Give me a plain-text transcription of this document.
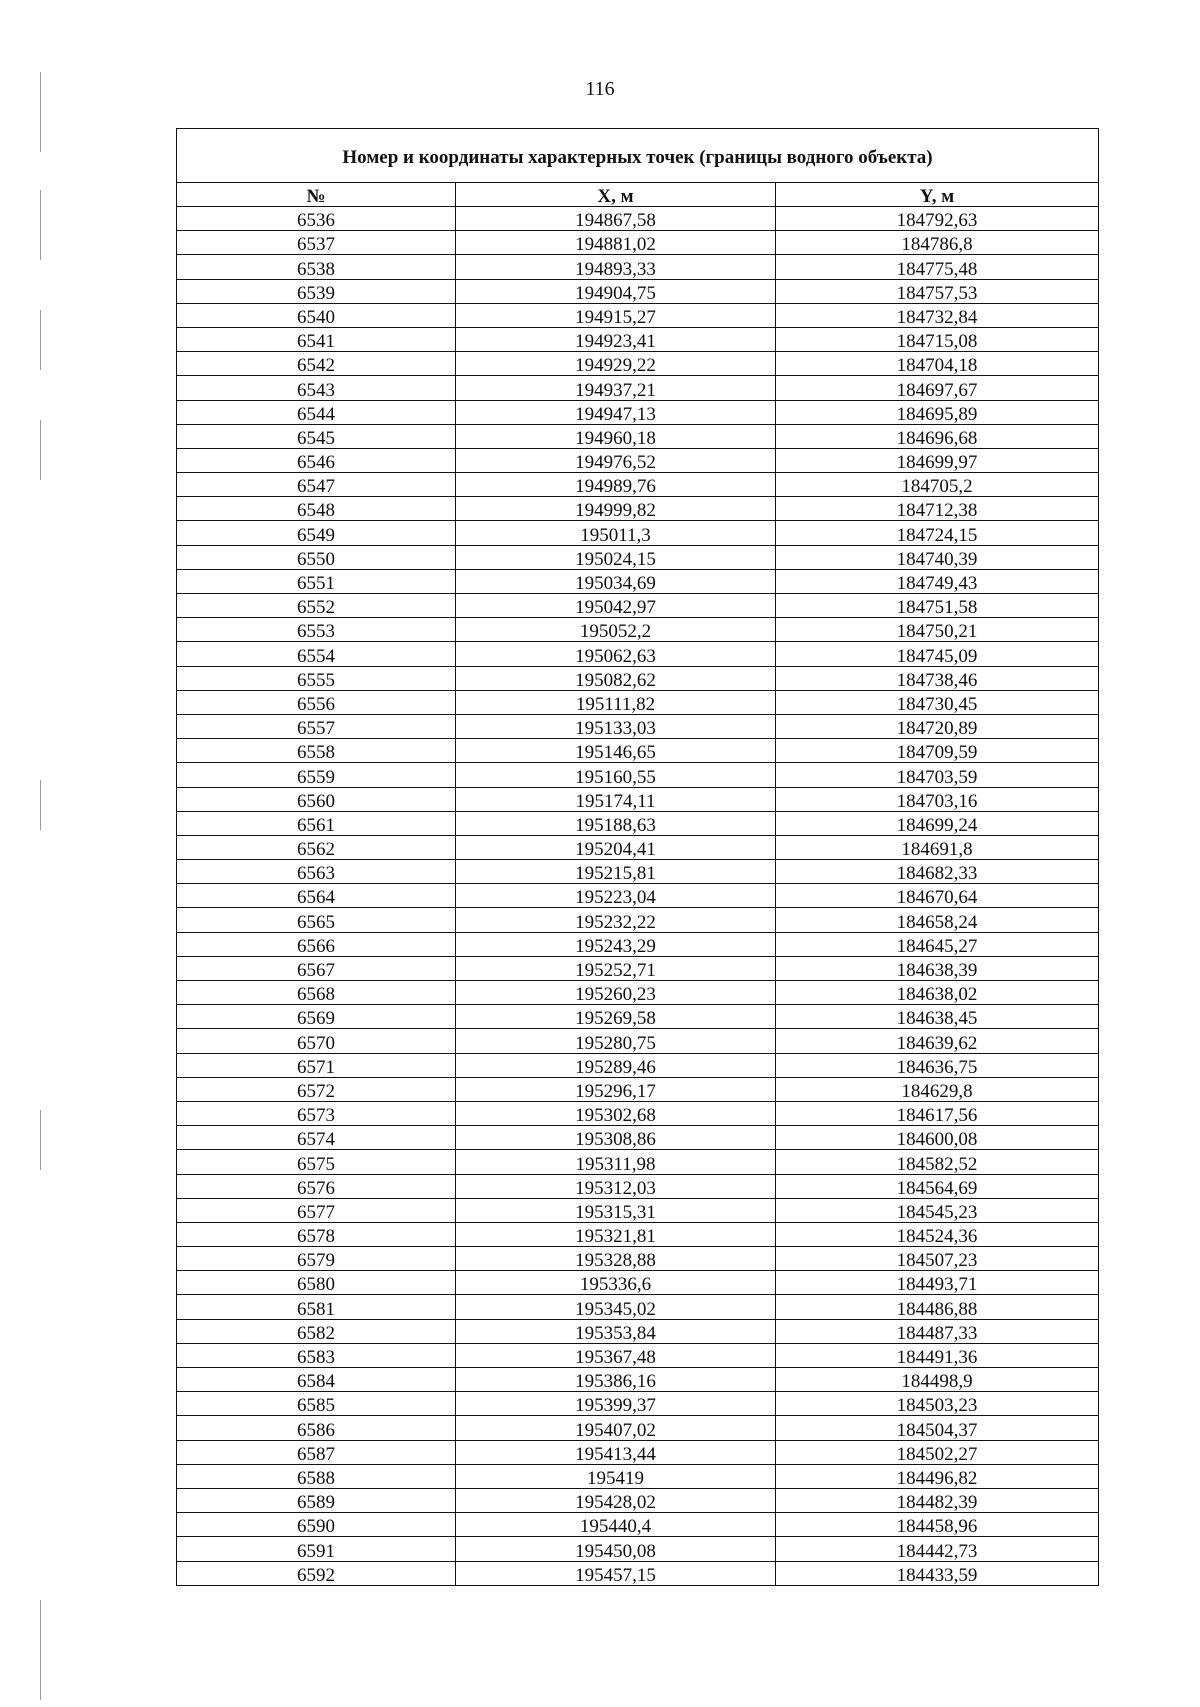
116
Номер и координаты характерных точек (границы водного объекта)		
№	X, м	Y, м
6536	194867,58	184792,63
6537	194881,02	184786,8
6538	194893,33	184775,48
6539	194904,75	184757,53
6540	194915,27	184732,84
6541	194923,41	184715,08
6542	194929,22	184704,18
6543	194937,21	184697,67
6544	194947,13	184695,89
6545	194960,18	184696,68
6546	194976,52	184699,97
6547	194989,76	184705,2
6548	194999,82	184712,38
6549	195011,3	184724,15
6550	195024,15	184740,39
6551	195034,69	184749,43
6552	195042,97	184751,58
6553	195052,2	184750,21
6554	195062,63	184745,09
6555	195082,62	184738,46
6556	195111,82	184730,45
6557	195133,03	184720,89
6558	195146,65	184709,59
6559	195160,55	184703,59
6560	195174,11	184703,16
6561	195188,63	184699,24
6562	195204,41	184691,8
6563	195215,81	184682,33
6564	195223,04	184670,64
6565	195232,22	184658,24
6566	195243,29	184645,27
6567	195252,71	184638,39
6568	195260,23	184638,02
6569	195269,58	184638,45
6570	195280,75	184639,62
6571	195289,46	184636,75
6572	195296,17	184629,8
6573	195302,68	184617,56
6574	195308,86	184600,08
6575	195311,98	184582,52
6576	195312,03	184564,69
6577	195315,31	184545,23
6578	195321,81	184524,36
6579	195328,88	184507,23
6580	195336,6	184493,71
6581	195345,02	184486,88
6582	195353,84	184487,33
6583	195367,48	184491,36
6584	195386,16	184498,9
6585	195399,37	184503,23
6586	195407,02	184504,37
6587	195413,44	184502,27
6588	195419	184496,82
6589	195428,02	184482,39
6590	195440,4	184458,96
6591	195450,08	184442,73
6592	195457,15	184433,59
